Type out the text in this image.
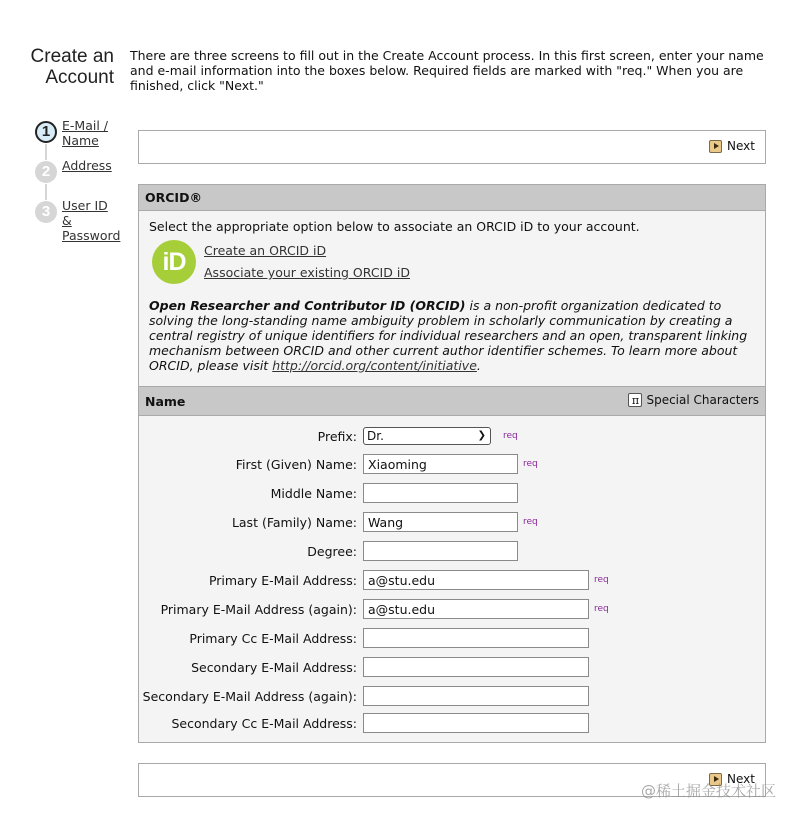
Create an
Account
There are three screens to fill out in the Create Account process. In this first screen, enter your name and e-mail information into the boxes below. Required fields are marked with "req." When you are finished, click "Next."
1 E-Mail /
Name
2 Address
3 User ID
&
Password
Next
ORCID®
Select the appropriate option below to associate an ORCID iD to your account.
iD	Create an ORCID iD
Associate your existing ORCID iD
Open Researcher and Contributor ID (ORCID) is a non-profit organization dedicated to solving the long-standing name ambiguity problem in scholarly communication by creating a central registry of unique identifiers for individual researchers and an open, transparent linking mechanism between ORCID and other current author identifier schemes. To learn more about ORCID, please visit http://orcid.org/content/initiative.
Name	π Special Characters
Prefix: Dr.	❯ req
First (Given) Name:
Xiaoming	req
Middle Name:
Last (Family) Name:
Wang	req
Degree:
Primary E-Mail Address:
a@stu.edu	req
Primary E-Mail Address (again):
a@stu.edu	req
Primary Cc E-Mail Address:
Secondary E-Mail Address:
Secondary E-Mail Address (again):
Secondary Cc E-Mail Address:
Next
@稀土掘金技术社区
